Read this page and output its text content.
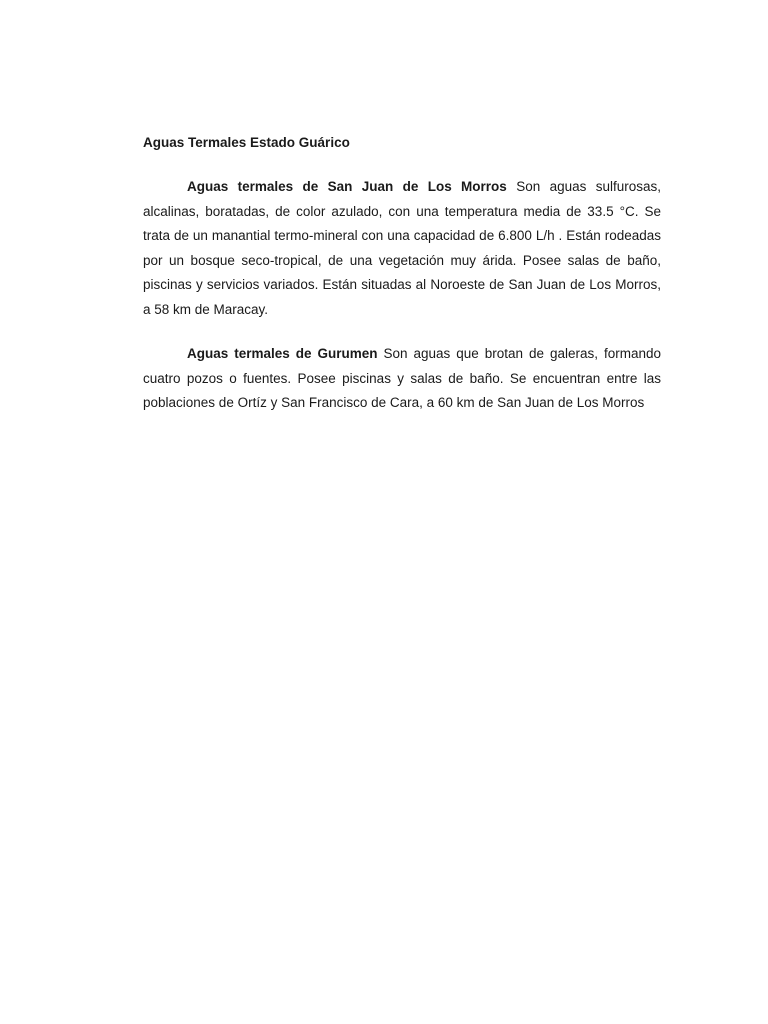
Aguas Termales Estado Guárico

Aguas termales de San Juan de Los Morros Son aguas sulfurosas, alcalinas, boratadas, de color azulado, con una temperatura media de 33.5 °C. Se trata de un manantial termo-mineral con una capacidad de 6.800 L/h . Están rodeadas por un bosque seco-tropical, de una vegetación muy árida. Posee salas de baño, piscinas y servicios variados. Están situadas al Noroeste de San Juan de Los Morros, a 58 km de Maracay.

Aguas termales de Gurumen Son aguas que brotan de galeras, formando cuatro pozos o fuentes. Posee piscinas y salas de baño. Se encuentran entre las poblaciones de Ortíz y San Francisco de Cara, a 60 km de San Juan de Los Morros
